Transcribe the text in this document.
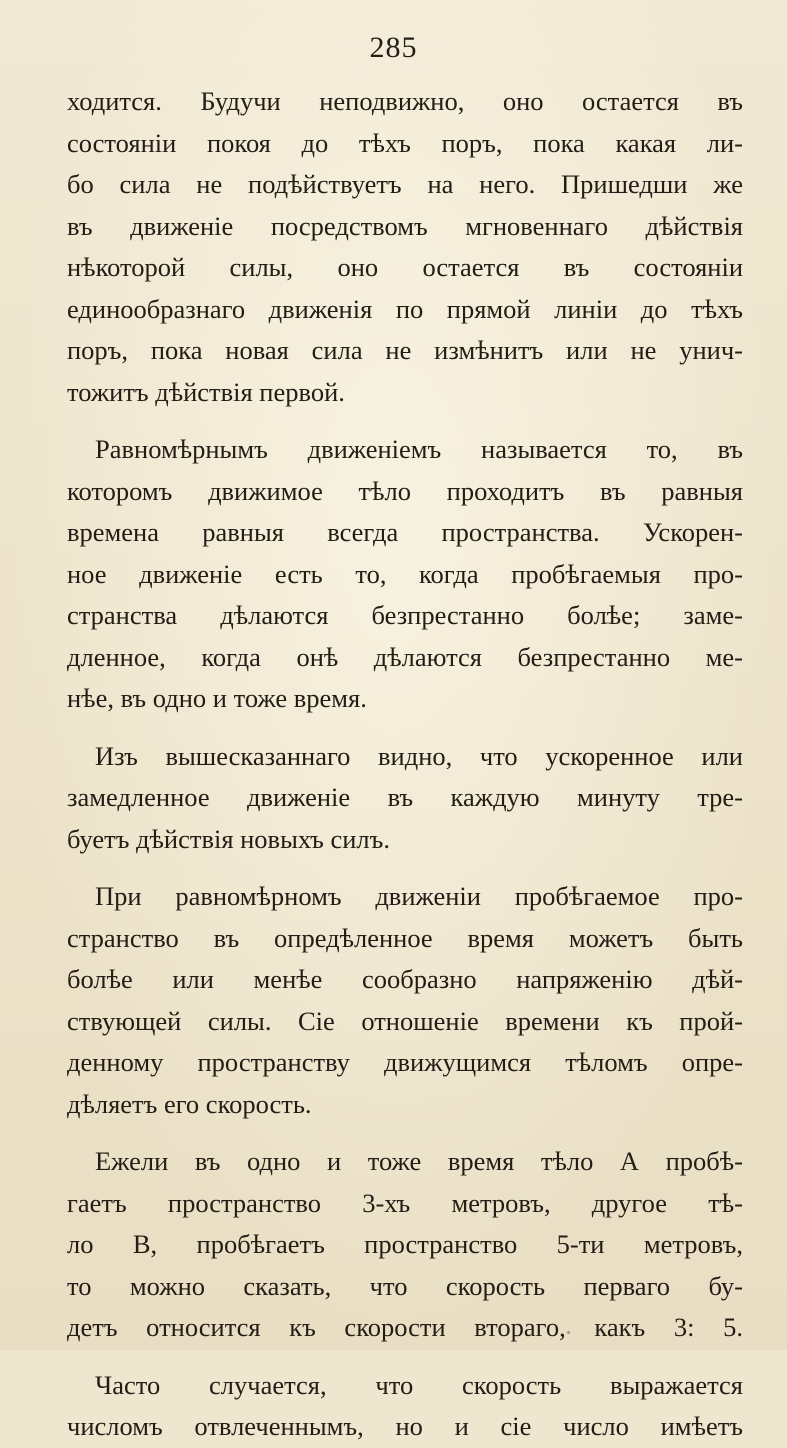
285
ходится. Будучи неподвижно, оно остается въ
состояніи покоя до тѣхъ поръ, пока какая ли-
бо сила не подѣйствуетъ на него. Пришедши же
въ движеніе посредствомъ мгновеннаго дѣйствія
нѣкоторой силы, оно остается въ состояніи
единообразнаго движенія по прямой линіи до тѣхъ
поръ, пока новая сила не измѣнитъ или не унич-
тожитъ дѣйствія первой.
Равномѣрнымъ движеніемъ называется то, въ
которомъ движимое тѣло проходитъ въ равныя
времена равныя всегда пространства. Ускорен-
ное движеніе есть то, когда пробѣгаемыя про-
странства дѣлаются безпрестанно болѣе; заме-
дленное, когда онѣ дѣлаются безпрестанно ме-
нѣе, въ одно и тоже время.
Изъ вышесказаннаго видно, что ускоренное или
замедленное движеніе въ каждую минуту тре-
буетъ дѣйствія новыхъ силъ.
При равномѣрномъ движеніи пробѣгаемое про-
странство въ опредѣленное время можетъ быть
болѣе или менѣе сообразно напряженію дѣй-
ствующей силы. Сіе отношеніе времени къ прой-
денному пространству движущимся тѣломъ опре-
дѣляетъ его скорость.
Ежели въ одно и тоже время тѣло А пробѣ-
гаетъ пространство 3-хъ метровъ, другое тѣ-
ло В, пробѣгаетъ пространство 5-ти метровъ,
то можно сказать, что скорость перваго бу-
детъ относится къ скорости втораго, какъ 3: 5.
Часто случается, что скорость выражается
числомъ отвлеченнымъ, но и сіе число имѣетъ
